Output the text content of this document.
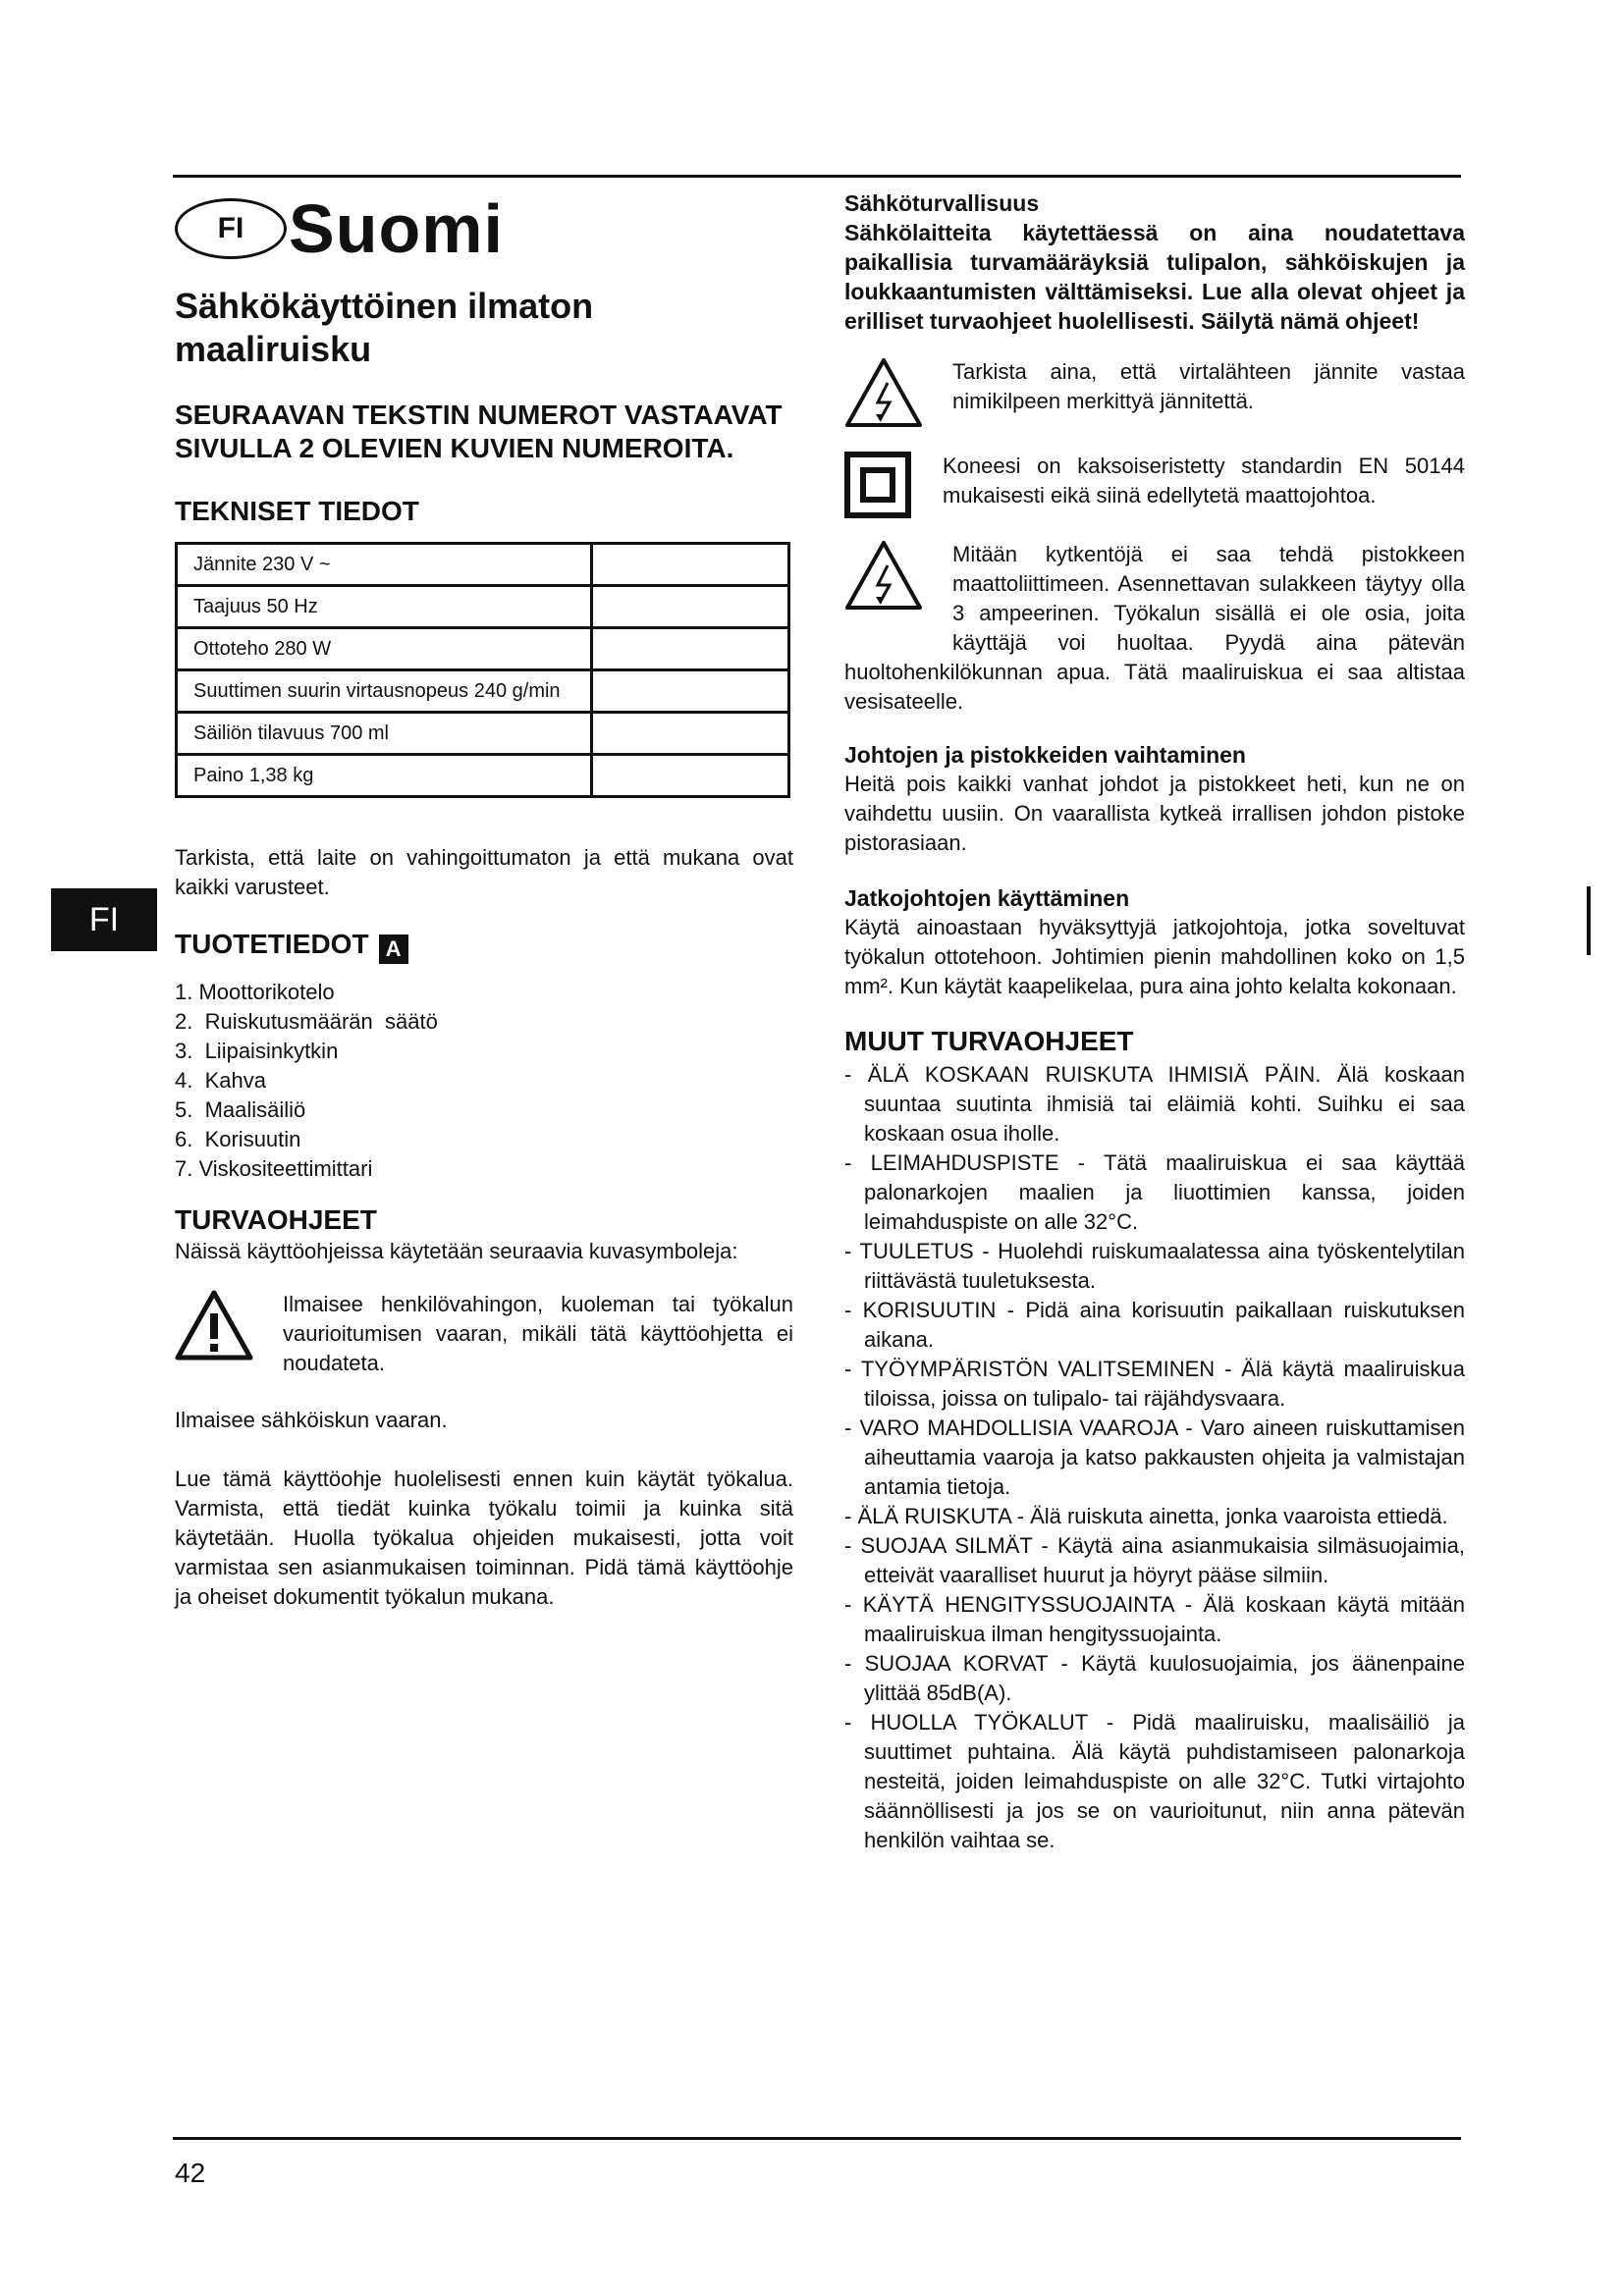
FI Suomi
Sähkökäyttöinen ilmaton maaliruisku

SEURAAVAN TEKSTIN NUMEROT VASTAAVAT SIVULLA 2 OLEVIEN KUVIEN NUMEROITA.

TEKNISET TIEDOT
Jännite 230 V ~	
Taajuus 50 Hz	
Ottoteho 280 W	
Suuttimen suurin virtausnopeus 240 g/min	
Säiliön tilavuus 700 ml	
Paino 1,38 kg	

Tarkista, että laite on vahingoittumaton ja että mukana ovat kaikki varusteet.

TUOTETIEDOT A
1. Moottorikotelo
2.  Ruiskutusmäärän  säätö
3.  Liipaisinkytkin
4.  Kahva
5.  Maalisäiliö
6.  Korisuutin
7. Viskositeettimittari
TURVAOHJEET

Näissä käyttöohjeissa käytetään seuraavia kuvasymboleja:

Ilmaisee henkilövahingon, kuoleman tai työkalun vaurioitumisen vaaran, mikäli tätä käyttöohjetta ei noudateta.

Ilmaisee sähköiskun vaaran.

Lue tämä käyttöohje huolelisesti ennen kuin käytät työkalua. Varmista, että tiedät kuinka työkalu toimii ja kuinka sitä käytetään. Huolla työkalua ohjeiden mukaisesti, jotta voit varmistaa sen asianmukaisen toiminnan. Pidä tämä käyttöohje ja oheiset dokumentit työkalun mukana.

Sähköturvallisuus

Sähkölaitteita käytettäessä on aina noudatettava paikallisia turvamääräyksiä tulipalon, sähköiskujen ja loukkaantumisten välttämiseksi. Lue alla olevat ohjeet ja erilliset turvaohjeet huolellisesti. Säilytä nämä ohjeet!

Tarkista aina, että virtalähteen jännite vastaa nimikilpeen merkittyä jännitettä.

Koneesi on kaksoiseristetty standardin EN 50144 mukaisesti eikä siinä edellytetä maattojohtoa.

Mitään kytkentöjä ei saa tehdä pistokkeen maattoliittimeen. Asennettavan sulakkeen täytyy olla 3 ampeerinen. Työkalun sisällä ei ole osia, joita käyttäjä voi huoltaa. Pyydä aina pätevän huoltohenkilökunnan apua. Tätä maaliruiskua ei saa altistaa vesisateelle.

Johtojen ja pistokkeiden vaihtaminen

Heitä pois kaikki vanhat johdot ja pistokkeet heti, kun ne on vaihdettu uusiin. On vaarallista kytkeä irrallisen johdon pistoke pistorasiaan.

Jatkojohtojen käyttäminen

Käytä ainoastaan hyväksyttyjä jatkojohtoja, jotka soveltuvat työkalun ottotehoon. Johtimien pienin mahdollinen koko on 1,5 mm². Kun käytät kaapelikelaa, pura aina johto kelalta kokonaan.

MUUT TURVAOHJEET
- ÄLÄ KOSKAAN RUISKUTA IHMISIÄ PÄIN. Älä koskaan suuntaa suutinta ihmisiä tai eläimiä kohti. Suihku ei saa koskaan osua iholle.
- LEIMAHDUSPISTE - Tätä maaliruiskua ei saa käyttää palonarkojen maalien ja liuottimien kanssa, joiden leimahduspiste on alle 32°C.
- TUULETUS - Huolehdi ruiskumaalatessa aina työskentelytilan riittävästä tuuletuksesta.
- KORISUUTIN - Pidä aina korisuutin paikallaan ruiskutuksen aikana.
- TYÖYMPÄRISTÖN VALITSEMINEN - Älä käytä maaliruiskua tiloissa, joissa on tulipalo- tai räjähdysvaara.
- VARO MAHDOLLISIA VAAROJA - Varo aineen ruiskuttamisen aiheuttamia vaaroja ja katso pakkausten ohjeita ja valmistajan antamia tietoja.
- ÄLÄ RUISKUTA - Älä ruiskuta ainetta, jonka vaaroista ettiedä.
- SUOJAA SILMÄT - Käytä aina asianmukaisia silmäsuojaimia, etteivät vaaralliset huurut ja höyryt pääse silmiin.
- KÄYTÄ HENGITYSSUOJAINTA - Älä koskaan käytä mitään maaliruiskua ilman hengityssuojainta.
- SUOJAA KORVAT - Käytä kuulosuojaimia, jos äänenpaine ylittää 85dB(A).
- HUOLLA TYÖKALUT - Pidä maaliruisku, maalisäiliö ja suuttimet puhtaina. Älä käytä puhdistamiseen palonarkoja nesteitä, joiden leimahduspiste on alle 32°C. Tutki virtajohto säännöllisesti ja jos se on vaurioitunut, niin anna pätevän henkilön vaihtaa se.
FI
42
